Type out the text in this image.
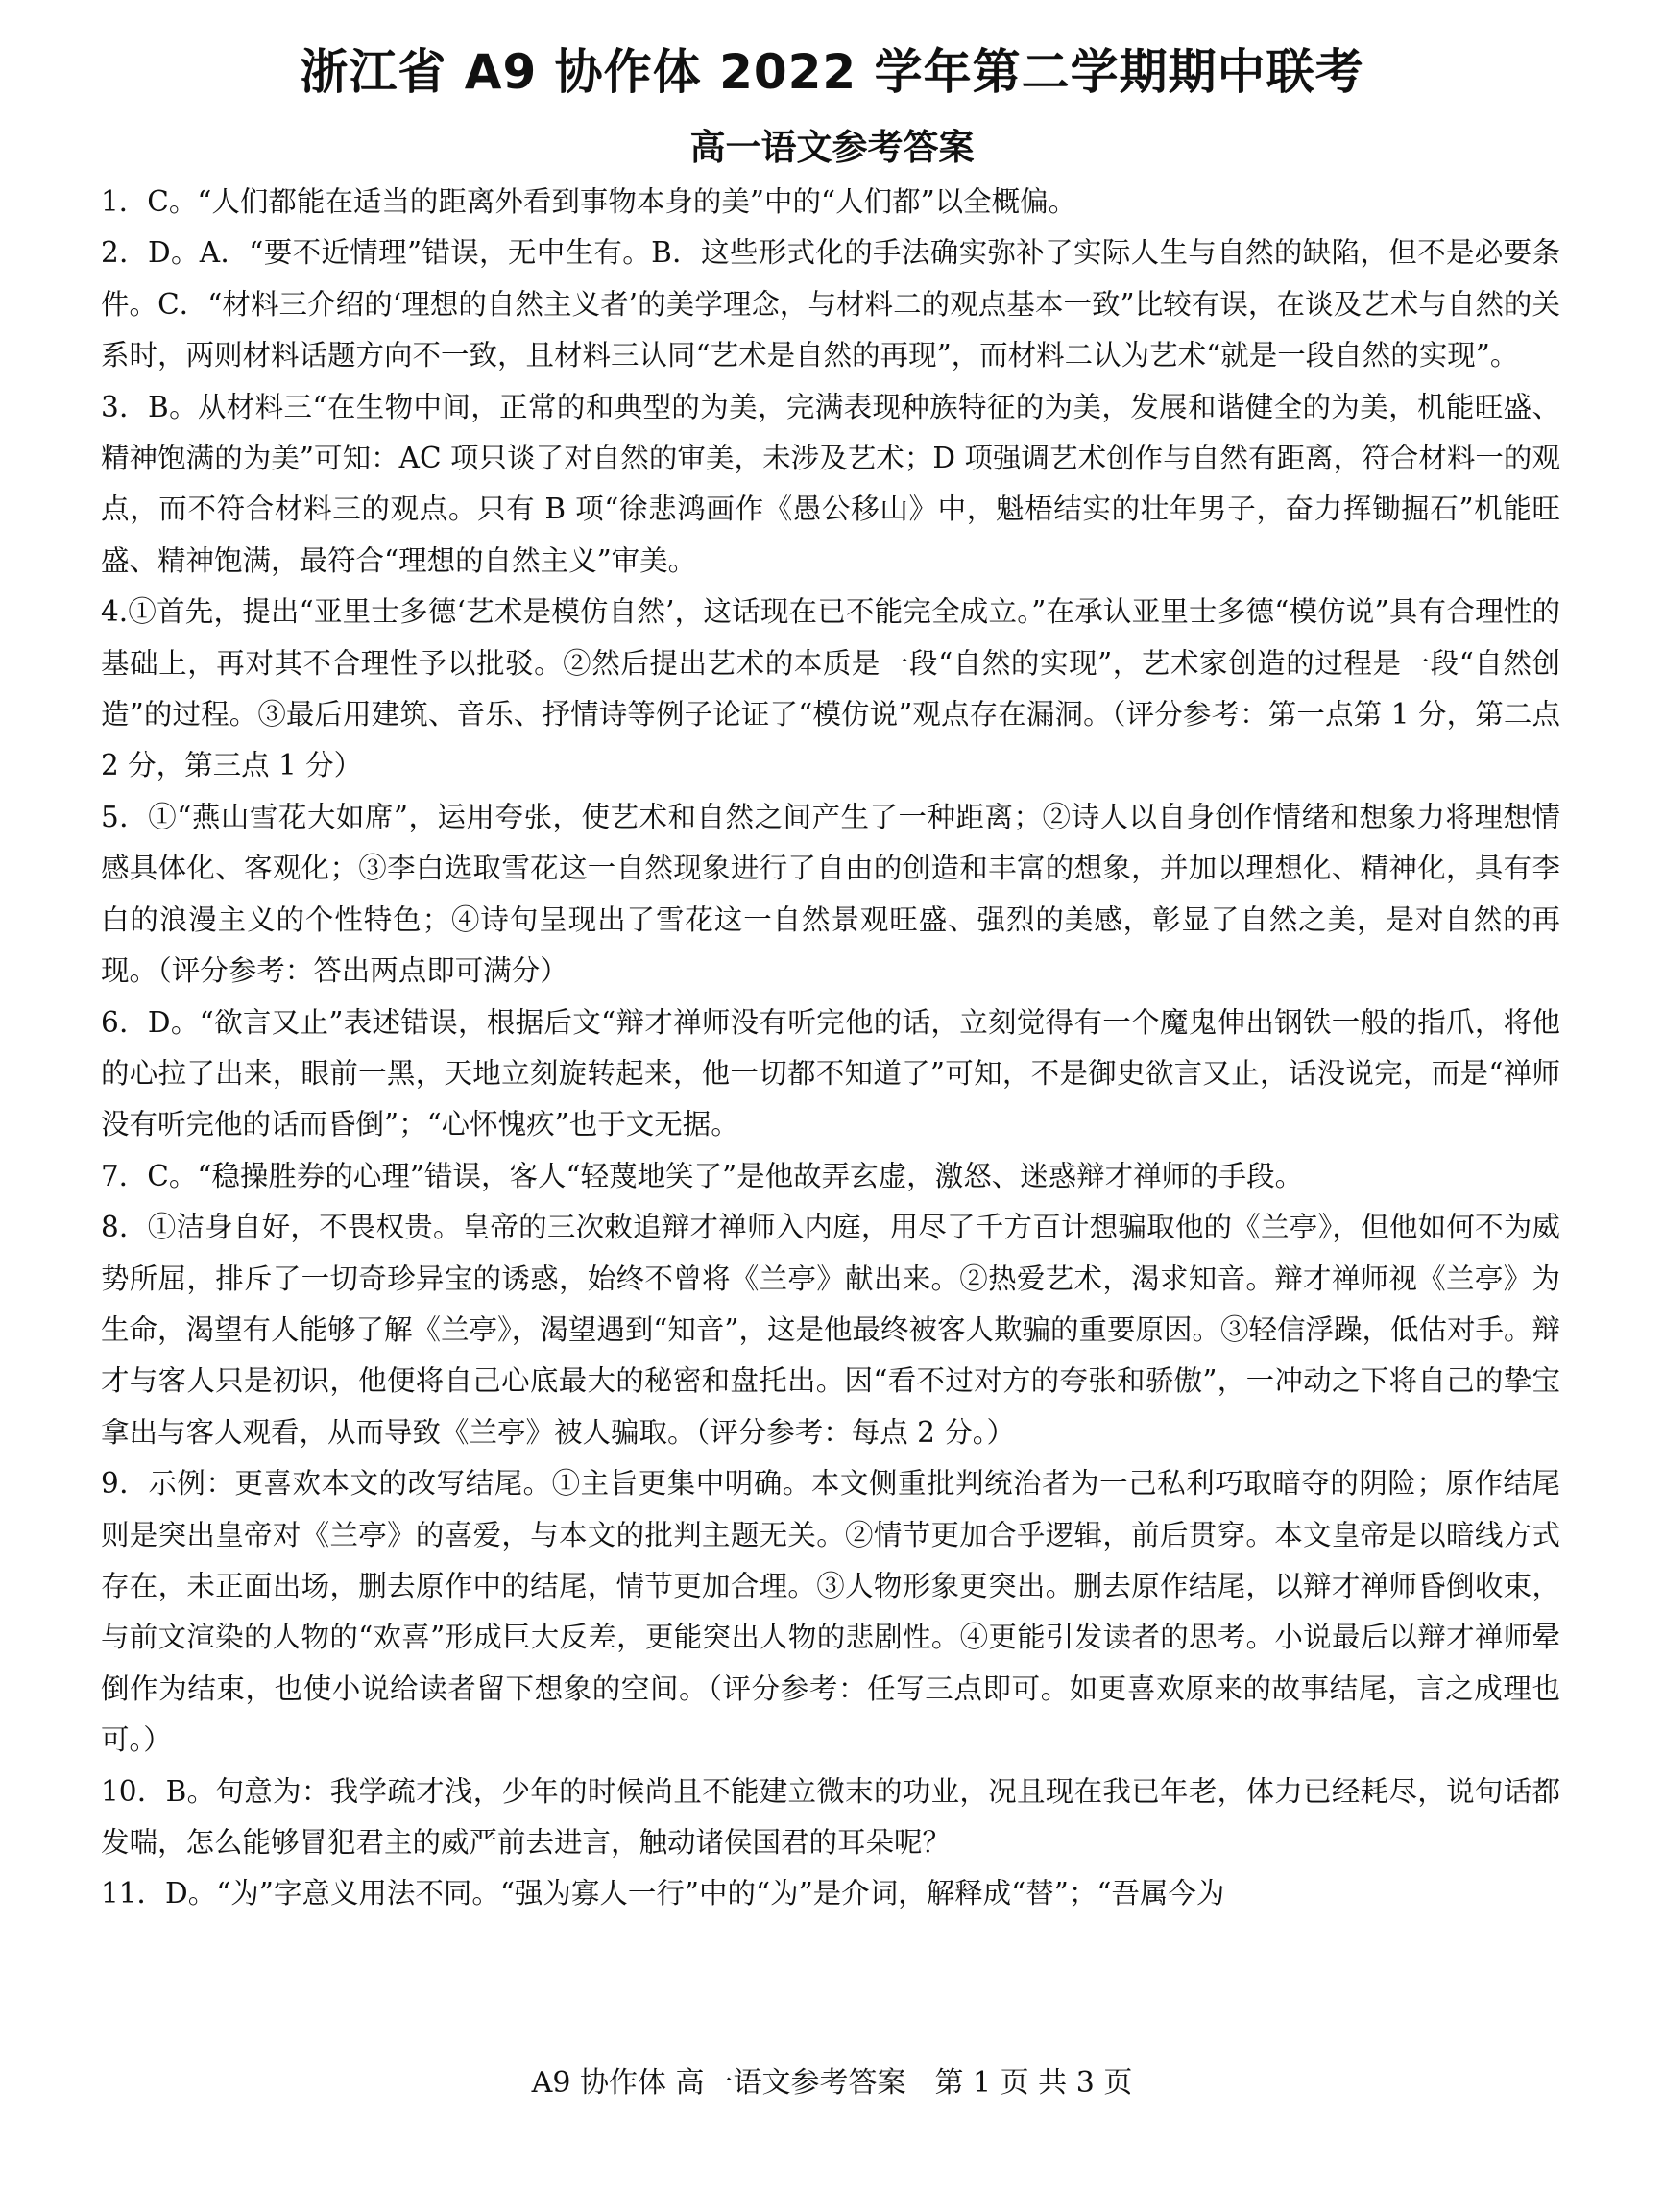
浙江省 A9 协作体 2022 学年第二学期期中联考
高一语文参考答案

1．C。“人们都能在适当的距离外看到事物本身的美”中的“人们都”以全概偏。

2．D。A．“要不近情理”错误，无中生有。B．这些形式化的手法确实弥补了实际人生与自然的缺陷，但不是必要条件。C．“材料三介绍的‘理想的自然主义者’的美学理念，与材料二的观点基本一致”比较有误，在谈及艺术与自然的关系时，两则材料话题方向不一致，且材料三认同“艺术是自然的再现”，而材料二认为艺术“就是一段自然的实现”。

3．B。从材料三“在生物中间，正常的和典型的为美，完满表现种族特征的为美，发展和谐健全的为美，机能旺盛、精神饱满的为美”可知：AC 项只谈了对自然的审美，未涉及艺术；D 项强调艺术创作与自然有距离，符合材料一的观点，而不符合材料三的观点。只有 B 项“徐悲鸿画作《愚公移山》中，魁梧结实的壮年男子，奋力挥锄掘石”机能旺盛、精神饱满，最符合“理想的自然主义”审美。

4.①首先，提出“亚里士多德‘艺术是模仿自然’，这话现在已不能完全成立。”在承认亚里士多德“模仿说”具有合理性的基础上，再对其不合理性予以批驳。②然后提出艺术的本质是一段“自然的实现”，艺术家创造的过程是一段“自然创造”的过程。③最后用建筑、音乐、抒情诗等例子论证了“模仿说”观点存在漏洞。（评分参考：第一点第 1 分，第二点 2 分，第三点 1 分）

5．①“燕山雪花大如席”，运用夸张，使艺术和自然之间产生了一种距离；②诗人以自身创作情绪和想象力将理想情感具体化、客观化；③李白选取雪花这一自然现象进行了自由的创造和丰富的想象，并加以理想化、精神化，具有李白的浪漫主义的个性特色；④诗句呈现出了雪花这一自然景观旺盛、强烈的美感，彰显了自然之美，是对自然的再现。（评分参考：答出两点即可满分）

6．D。“欲言又止”表述错误，根据后文“辩才禅师没有听完他的话，立刻觉得有一个魔鬼伸出钢铁一般的指爪，将他的心拉了出来，眼前一黑，天地立刻旋转起来，他一切都不知道了”可知，不是御史欲言又止，话没说完，而是“禅师没有听完他的话而昏倒”；“心怀愧疚”也于文无据。

7．C。“稳操胜券的心理”错误，客人“轻蔑地笑了”是他故弄玄虚，激怒、迷惑辩才禅师的手段。

8．①洁身自好，不畏权贵。皇帝的三次敕追辩才禅师入内庭，用尽了千方百计想骗取他的《兰亭》，但他如何不为威势所屈，排斥了一切奇珍异宝的诱惑，始终不曾将《兰亭》献出来。②热爱艺术，渴求知音。辩才禅师视《兰亭》为生命，渴望有人能够了解《兰亭》，渴望遇到“知音”，这是他最终被客人欺骗的重要原因。③轻信浮躁，低估对手。辩才与客人只是初识，他便将自己心底最大的秘密和盘托出。因“看不过对方的夸张和骄傲”，一冲动之下将自己的挚宝拿出与客人观看，从而导致《兰亭》被人骗取。（评分参考：每点 2 分。）

9．示例：更喜欢本文的改写结尾。①主旨更集中明确。本文侧重批判统治者为一己私利巧取暗夺的阴险；原作结尾则是突出皇帝对《兰亭》的喜爱，与本文的批判主题无关。②情节更加合乎逻辑，前后贯穿。本文皇帝是以暗线方式存在，未正面出场，删去原作中的结尾，情节更加合理。③人物形象更突出。删去原作结尾，以辩才禅师昏倒收束，与前文渲染的人物的“欢喜”形成巨大反差，更能突出人物的悲剧性。④更能引发读者的思考。小说最后以辩才禅师晕倒作为结束，也使小说给读者留下想象的空间。（评分参考：任写三点即可。如更喜欢原来的故事结尾，言之成理也可。）

10．B。句意为：我学疏才浅，少年的时候尚且不能建立微末的功业，况且现在我已年老，体力已经耗尽，说句话都发喘，怎么能够冒犯君主的威严前去进言，触动诸侯国君的耳朵呢？

11．D。“为”字意义用法不同。“强为寡人一行”中的“为”是介词，解释成“替”；“吾属今为

A9 协作体 高一语文参考答案　第 1 页 共 3 页
